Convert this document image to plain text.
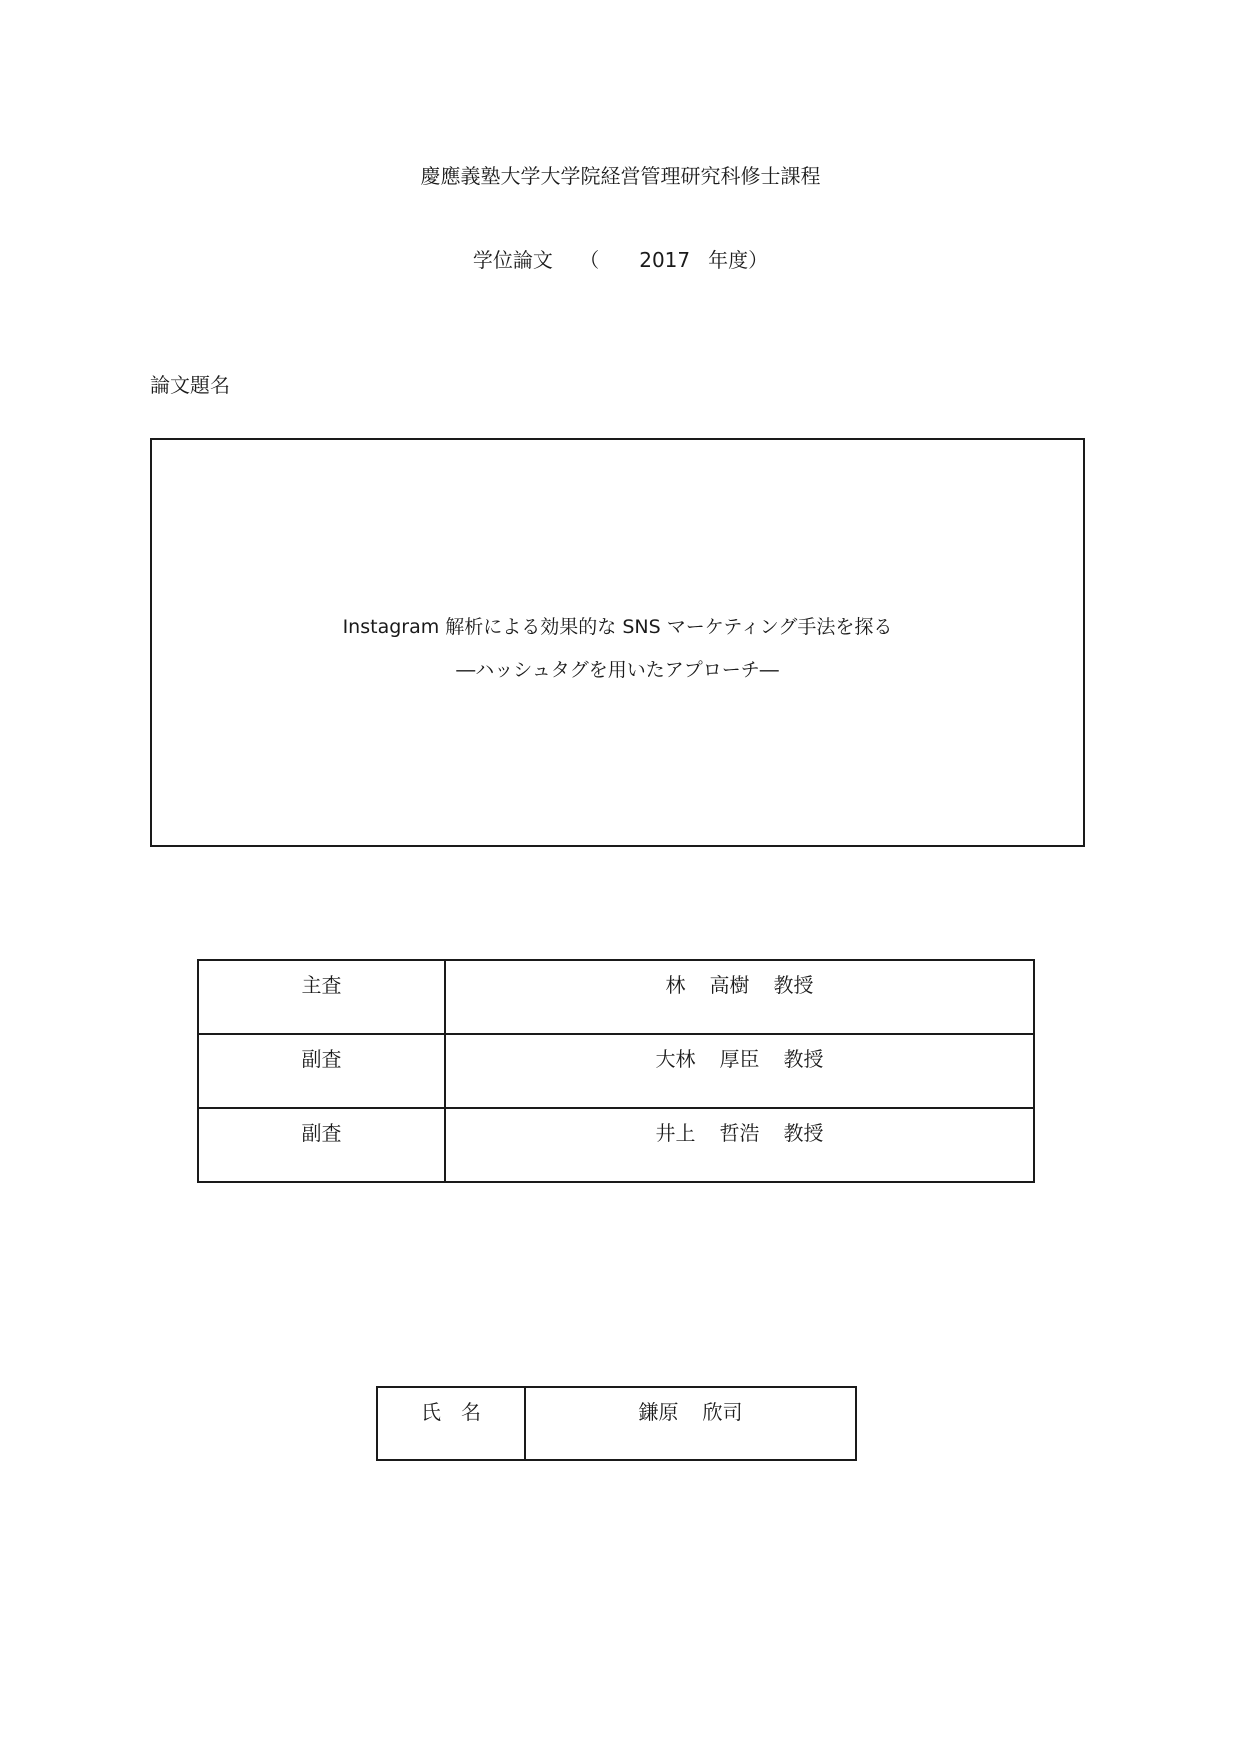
慶應義塾大学大学院経営管理研究科修士課程
学位論文　 （ 2017 年度）
論文題名
Instagram 解析による効果的な SNS マーケティング手法を探る
―ハッシュタグを用いたアプローチ―
主査	林 高樹 教授
副査	大林 厚臣 教授
副査	井上 哲浩 教授
氏　名	鎌原 欣司
